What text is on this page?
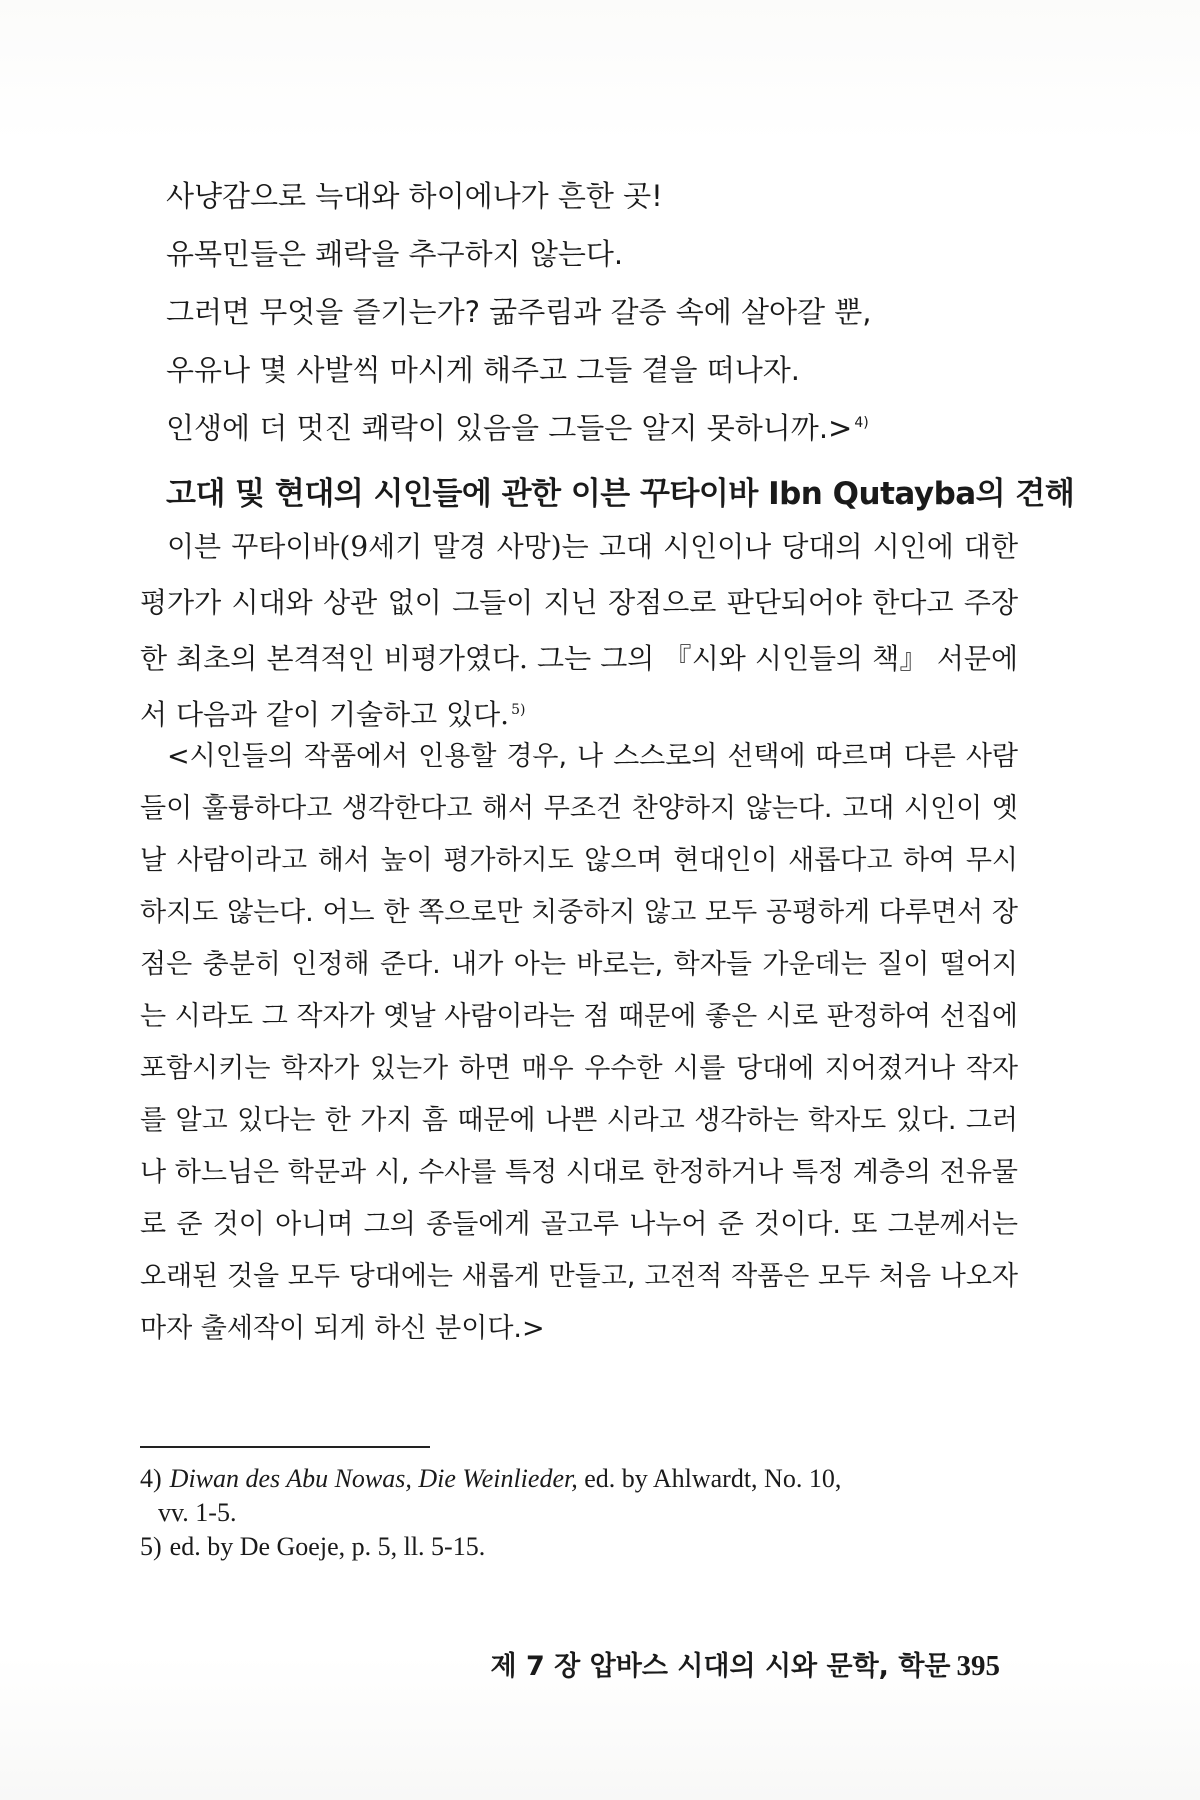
사냥감으로 늑대와 하이에나가 흔한 곳!
유목민들은 쾌락을 추구하지 않는다.
그러면 무엇을 즐기는가? 굶주림과 갈증 속에 살아갈 뿐,
우유나 몇 사발씩 마시게 해주고 그들 곁을 떠나자.
인생에 더 멋진 쾌락이 있음을 그들은 알지 못하니까.> $^{4)}$
고대 및 현대의 시인들에 관한 이븐 꾸타이바 Ibn Qutayba의 견해
이븐 꾸타이바(9세기 말경 사망)는 고대 시인이나 당대의 시인에 대한 평가가 시대와 상관 없이 그들이 지닌 장점으로 판단되어야 한다고 주장한 최초의 본격적인 비평가였다. 그는 그의 『시와 시인들의 책』 서문에서 다음과 같이 기술하고 있다. $^{5)}$
<시인들의 작품에서 인용할 경우, 나 스스로의 선택에 따르며 다른 사람들이 훌륭하다고 생각한다고 해서 무조건 찬양하지 않는다. 고대 시인이 옛날 사람이라고 해서 높이 평가하지도 않으며 현대인이 새롭다고 하여 무시하지도 않는다. 어느 한 쪽으로만 치중하지 않고 모두 공평하게 다루면서 장점은 충분히 인정해 준다. 내가 아는 바로는, 학자들 가운데는 질이 떨어지는 시라도 그 작자가 옛날 사람이라는 점 때문에 좋은 시로 판정하여 선집에 포함시키는 학자가 있는가 하면 매우 우수한 시를 당대에 지어졌거나 작자를 알고 있다는 한 가지 흠 때문에 나쁜 시라고 생각하는 학자도 있다. 그러나 하느님은 학문과 시, 수사를 특정 시대로 한정하거나 특정 계층의 전유물로 준 것이 아니며 그의 종들에게 골고루 나누어 준 것이다. 또 그분께서는 오래된 것을 모두 당대에는 새롭게 만들고, 고전적 작품은 모두 처음 나오자마자 출세작이 되게 하신 분이다.>
4) Diwan des Abu Nowas, Die Weinlieder, ed. by Ahlwardt, No. 10,
vv. 1-5.
5) ed. by De Goeje, p. 5, ll. 5-15.
제 7 장 압바스 시대의 시와 문학, 학문 395
